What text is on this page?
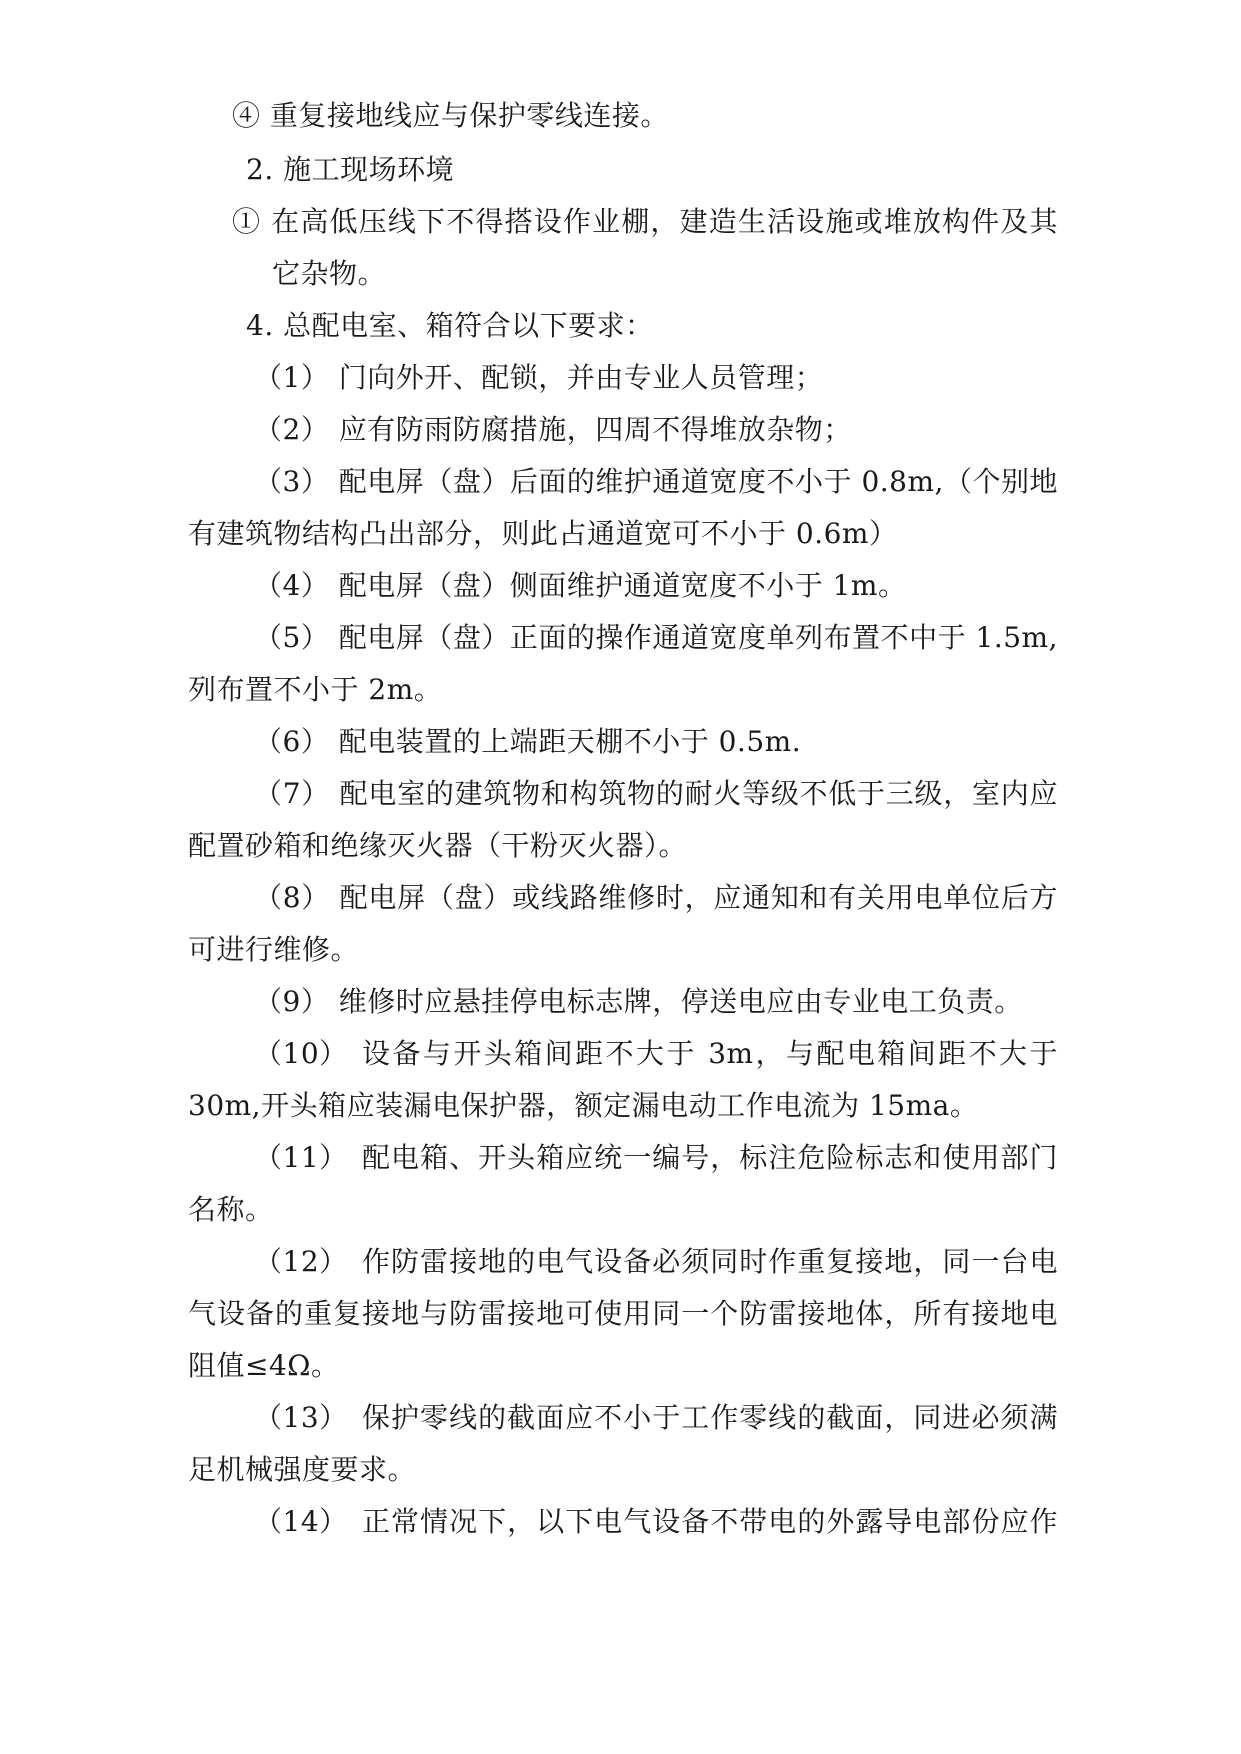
④ 重复接地线应与保护零线连接。

2. 施工现场环境

① 在高低压线下不得搭设作业棚，建造生活设施或堆放构件及其

它杂物。

4. 总配电室、箱符合以下要求：

（1） 门向外开、配锁，并由专业人员管理；

（2） 应有防雨防腐措施，四周不得堆放杂物；

（3） 配电屏（盘）后面的维护通道宽度不小于 0.8m,（个别地

有建筑物结构凸出部分，则此占通道宽可不小于 0.6m）

（4） 配电屏（盘）侧面维护通道宽度不小于 1m。

（5） 配电屏（盘）正面的操作通道宽度单列布置不中于 1.5m,

列布置不小于 2m。

（6） 配电装置的上端距天棚不小于 0.5m.

（7） 配电室的建筑物和构筑物的耐火等级不低于三级，室内应

配置砂箱和绝缘灭火器（干粉灭火器）。

（8） 配电屏（盘）或线路维修时，应通知和有关用电单位后方

可进行维修。

（9） 维修时应悬挂停电标志牌，停送电应由专业电工负责。

（10） 设备与开头箱间距不大于 3m，与配电箱间距不大于

30m,开头箱应装漏电保护器，额定漏电动工作电流为 15ma。

（11） 配电箱、开头箱应统一编号，标注危险标志和使用部门

名称。

（12） 作防雷接地的电气设备必须同时作重复接地，同一台电

气设备的重复接地与防雷接地可使用同一个防雷接地体，所有接地电

阻值≤4Ω。

（13） 保护零线的截面应不小于工作零线的截面，同进必须满

足机械强度要求。

（14） 正常情况下，以下电气设备不带电的外露导电部份应作
